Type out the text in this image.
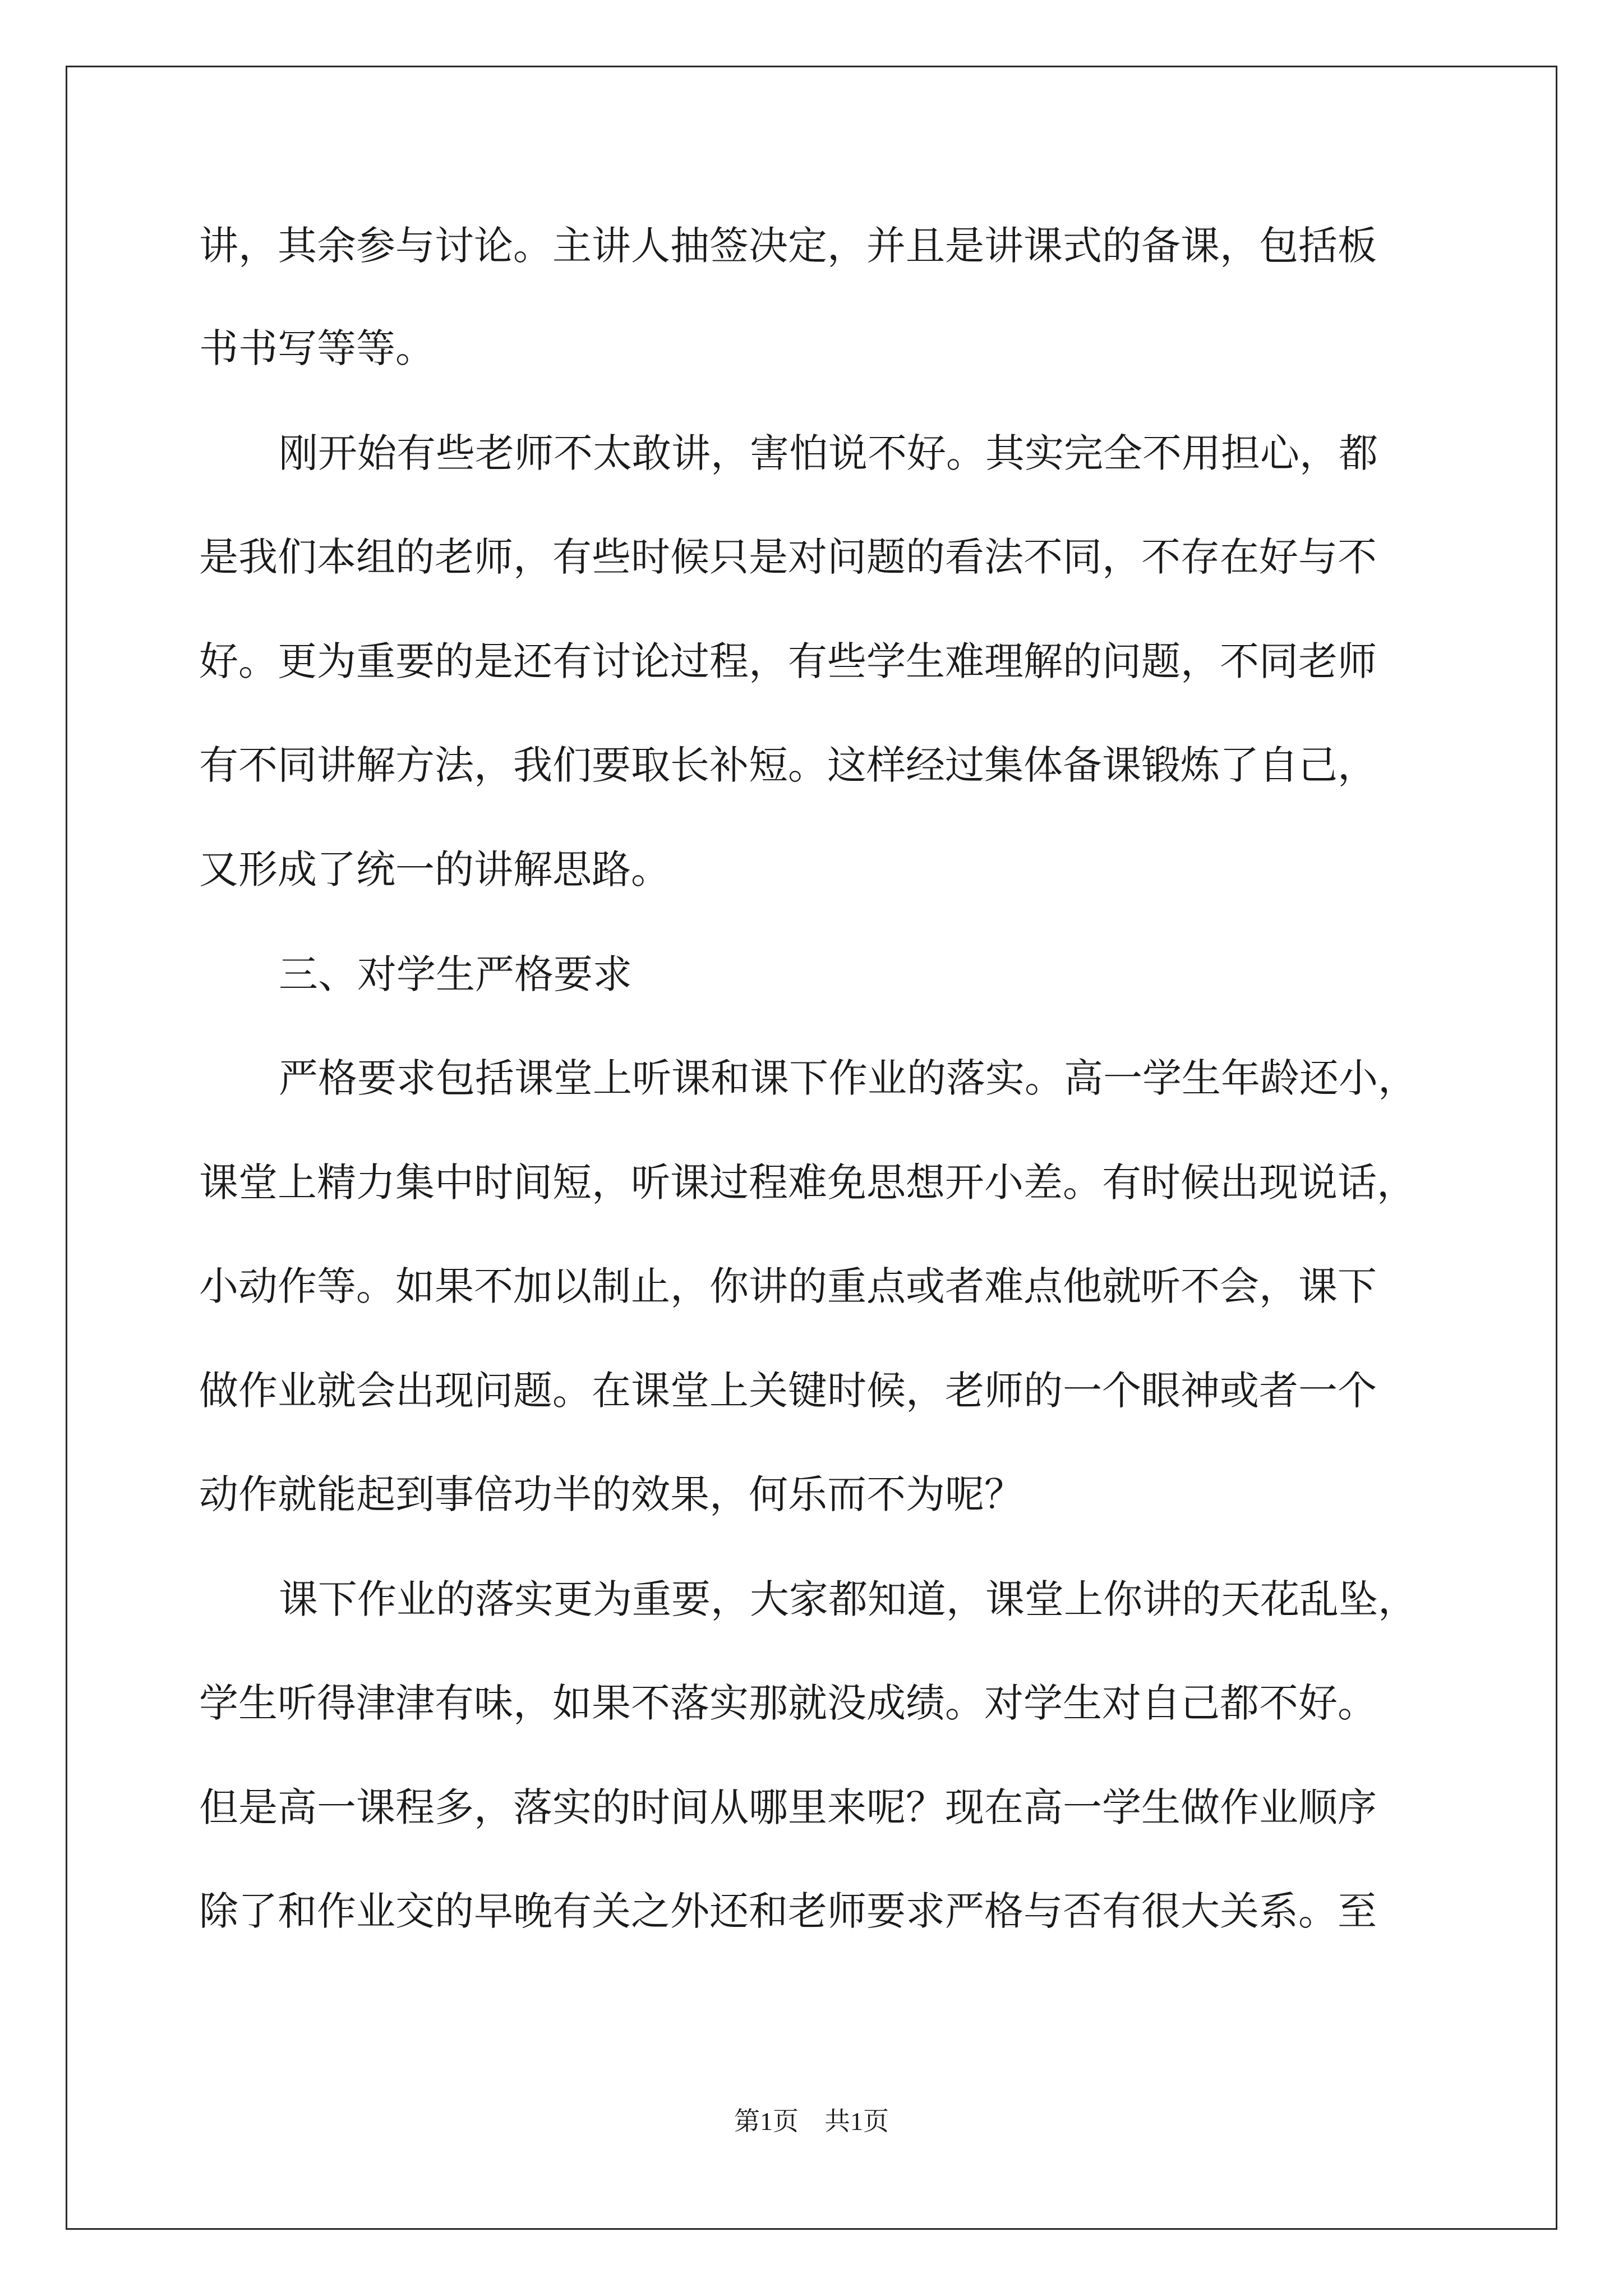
讲，其余参与讨论。主讲人抽签决定，并且是讲课式的备课，包括板
书书写等等。
刚开始有些老师不太敢讲，害怕说不好。其实完全不用担心，都
是我们本组的老师，有些时候只是对问题的看法不同，不存在好与不
好。更为重要的是还有讨论过程，有些学生难理解的问题，不同老师
有不同讲解方法，我们要取长补短。这样经过集体备课锻炼了自己，
又形成了统一的讲解思路。
三、对学生严格要求
严格要求包括课堂上听课和课下作业的落实。高一学生年龄还小，
课堂上精力集中时间短，听课过程难免思想开小差。有时候出现说话，
小动作等。如果不加以制止，你讲的重点或者难点他就听不会，课下
做作业就会出现问题。在课堂上关键时候，老师的一个眼神或者一个
动作就能起到事倍功半的效果，何乐而不为呢？
课下作业的落实更为重要，大家都知道，课堂上你讲的天花乱坠，
学生听得津津有味，如果不落实那就没成绩。对学生对自己都不好。
但是高一课程多，落实的时间从哪里来呢？现在高一学生做作业顺序
除了和作业交的早晚有关之外还和老师要求严格与否有很大关系。至
第1页　共1页
